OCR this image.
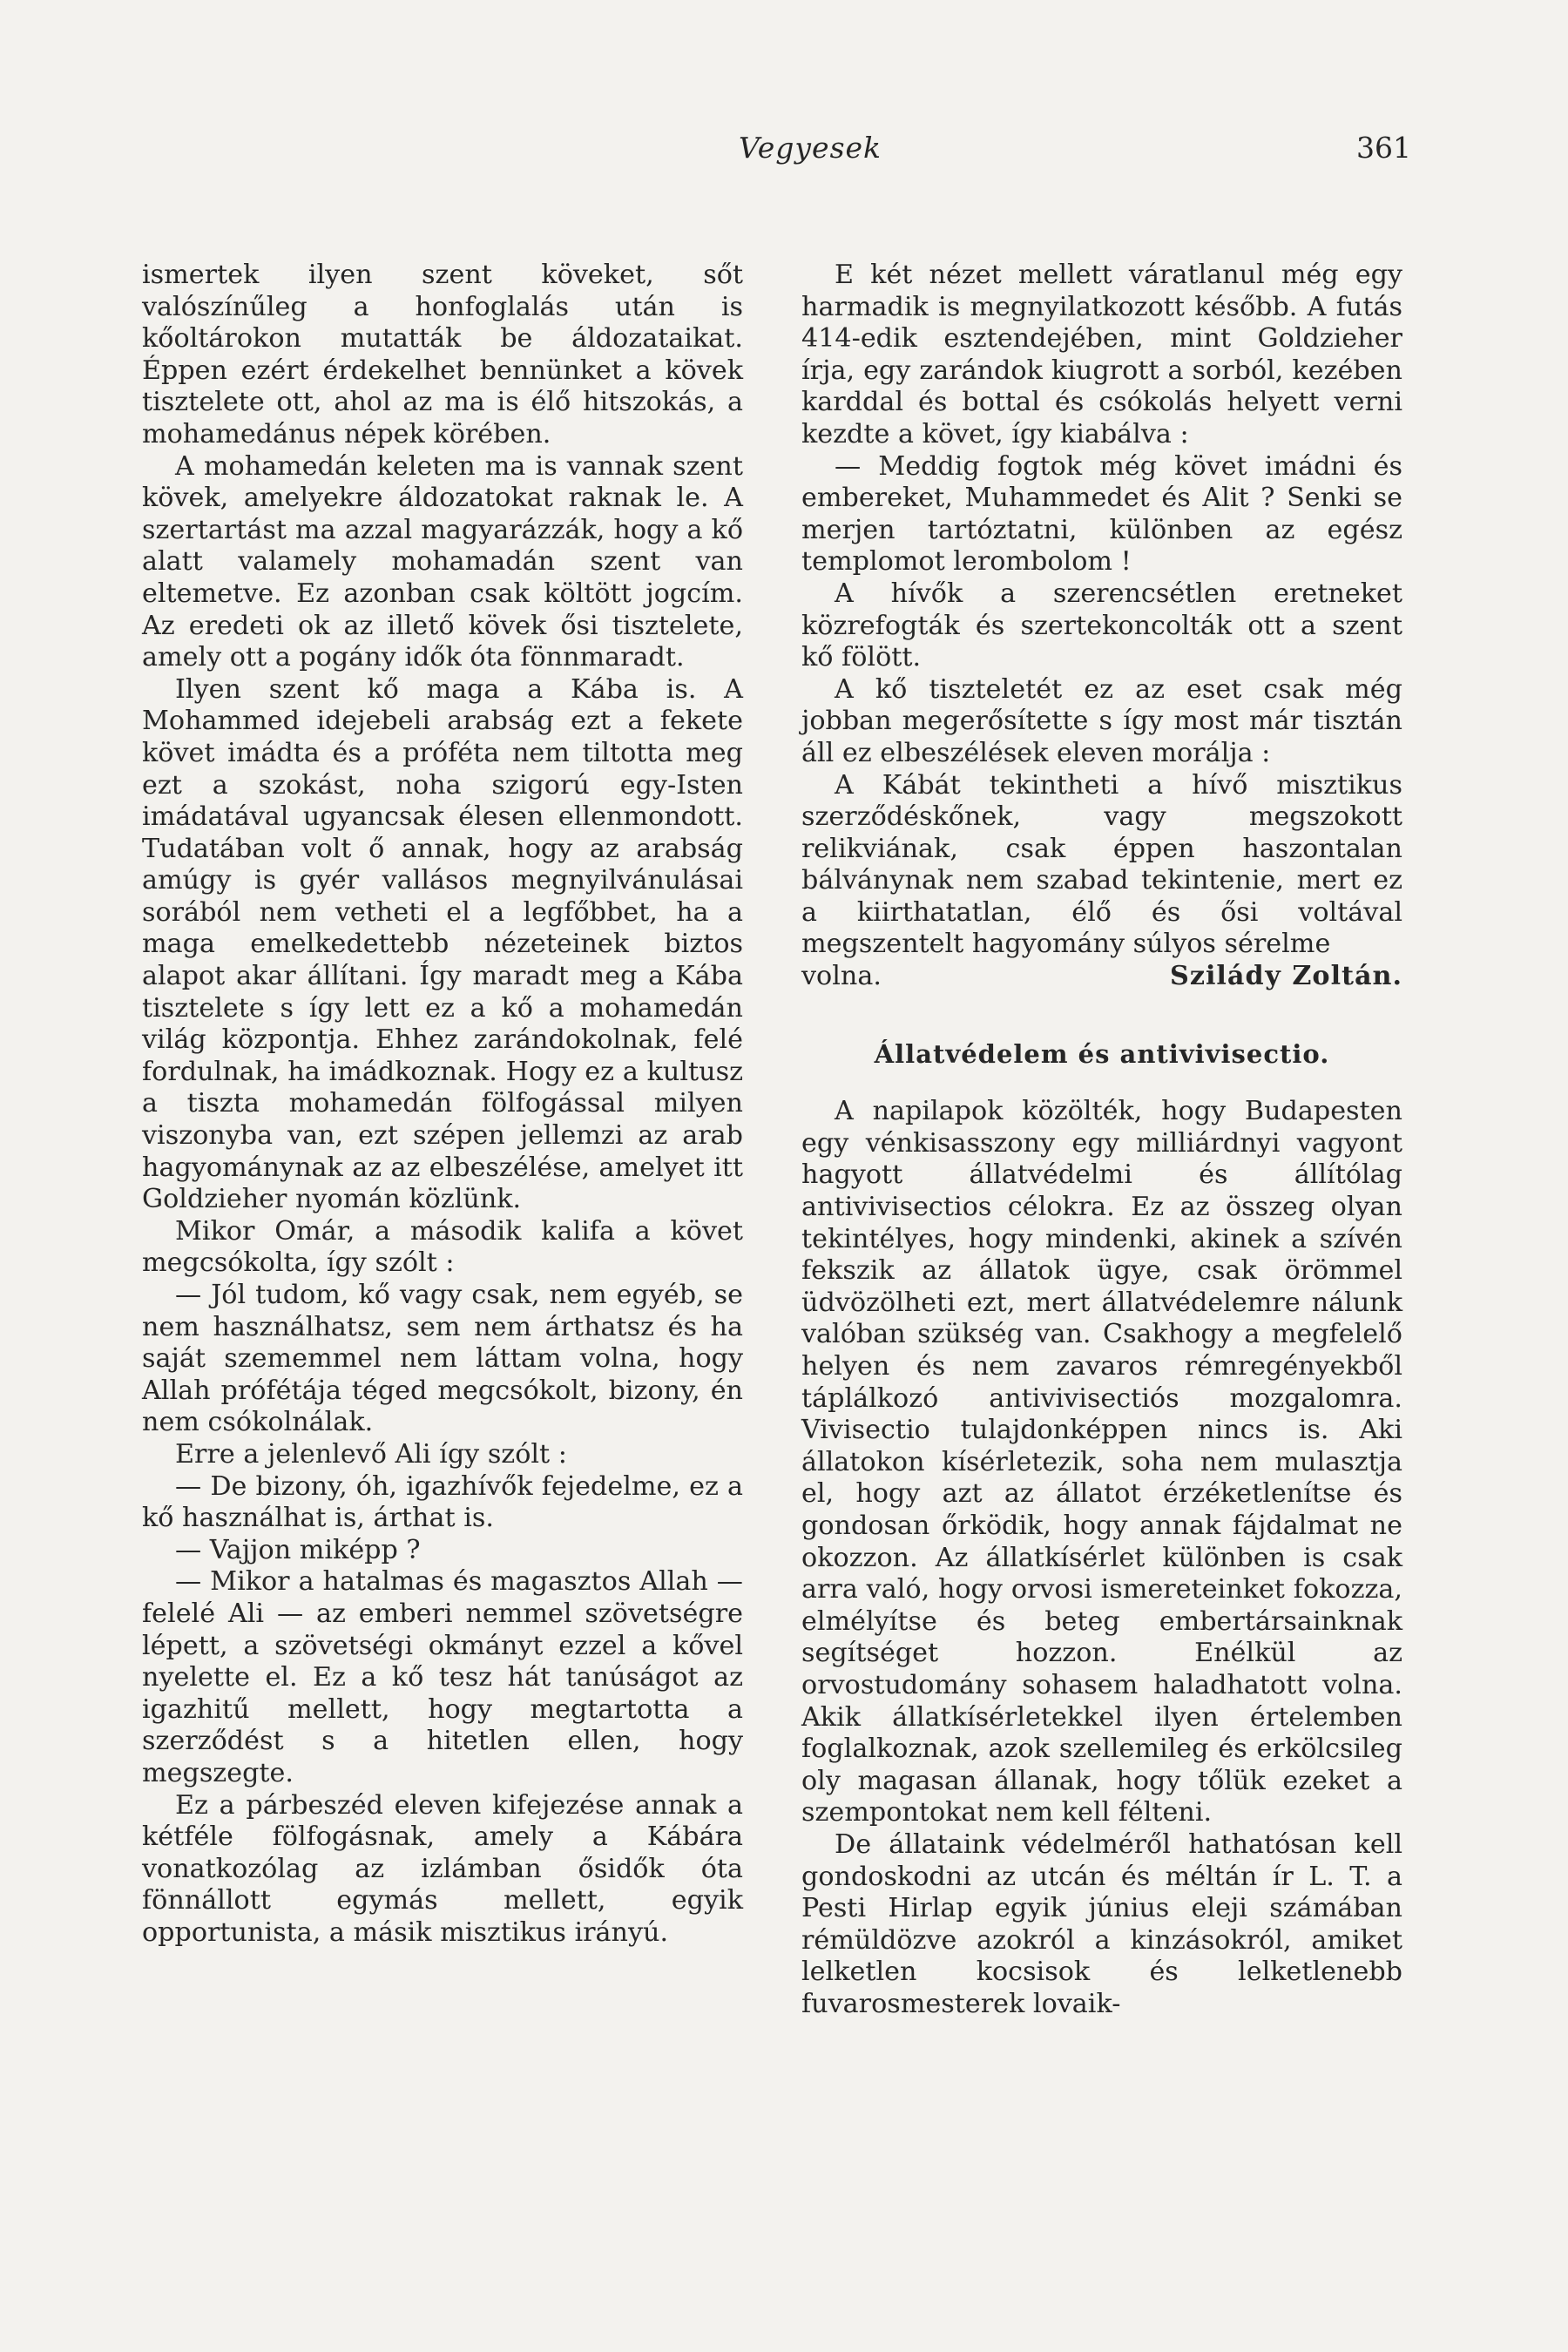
Vegyesek	361

ismertek ilyen szent köveket, sőt valószínűleg a honfoglalás után is kőoltárokon mutatták be áldozataikat. Éppen ezért érdekelhet bennünket a kövek tisztelete ott, ahol az ma is élő hitszokás, a mohamedánus népek körében.

A mohamedán keleten ma is vannak szent kövek, amelyekre áldozatokat raknak le. A szertartást ma azzal magyarázzák, hogy a kő alatt valamely mohamadán szent van eltemetve. Ez azonban csak költött jogcím. Az eredeti ok az illető kövek ősi tisztelete, amely ott a pogány idők óta fönnmaradt.

Ilyen szent kő maga a Kába is. A Mohammed idejebeli arabság ezt a fekete követ imádta és a próféta nem tiltotta meg ezt a szokást, noha szigorú egy-Isten imádatával ugyancsak élesen ellenmondott. Tudatában volt ő annak, hogy az arabság amúgy is gyér vallásos megnyilvánulásai sorából nem vetheti el a legfőbbet, ha a maga emelkedettebb nézeteinek biztos alapot akar állítani. Így maradt meg a Kába tisztelete s így lett ez a kő a mohamedán világ központja. Ehhez zarándokolnak, felé fordulnak, ha imádkoznak. Hogy ez a kultusz a tiszta mohamedán fölfogással milyen viszonyba van, ezt szépen jellemzi az arab hagyománynak az az elbeszélése, amelyet itt Goldzieher nyomán közlünk.

Mikor Omár, a második kalifa a követ megcsókolta, így szólt :

— Jól tudom, kő vagy csak, nem egyéb, se nem használhatsz, sem nem árthatsz és ha saját szememmel nem láttam volna, hogy Allah prófétája téged megcsókolt, bizony, én nem csókolnálak.

Erre a jelenlevő Ali így szólt :

— De bizony, óh, igazhívők fejedelme, ez a kő használhat is, árthat is.

— Vajjon miképp ?

— Mikor a hatalmas és magasztos Allah — felelé Ali — az emberi nemmel szövetségre lépett, a szövetségi okmányt ezzel a kővel nyelette el. Ez a kő tesz hát tanúságot az igazhitű mellett, hogy megtartotta a szerződést s a hitetlen ellen, hogy megszegte.

Ez a párbeszéd eleven kifejezése annak a kétféle fölfogásnak, amely a Kábára vonatkozólag az izlámban ősidők óta fönnállott egymás mellett, egyik opportunista, a másik misztikus irányú.

E két nézet mellett váratlanul még egy harmadik is megnyilatkozott később. A futás 414-edik esztendejében, mint Goldzieher írja, egy zarándok kiugrott a sorból, kezében karddal és bottal és csókolás helyett verni kezdte a követ, így kiabálva :

— Meddig fogtok még követ imádni és embereket, Muhammedet és Alit ? Senki se merjen tartóztatni, különben az egész templomot lerombolom !

A hívők a szerencsétlen eretneket közrefogták és szertekoncolták ott a szent kő fölött.

A kő tiszteletét ez az eset csak még jobban megerősítette s így most már tisztán áll ez elbeszélések eleven morálja :

A Kábát tekintheti a hívő misztikus szerződéskőnek, vagy megszokott relikviának, csak éppen haszontalan bálványnak nem szabad tekintenie, mert ez a kiirthatatlan, élő és ősi voltával megszentelt hagyomány súlyos sérelme

volna.	Sziládу Zoltán.
Állatvédelem és antivivisectio.

A napilapok közölték, hogy Budapesten egy vénkisasszony egy milliárdnyi vagyont hagyott állatvédelmi és állítólag antivivisectios célokra. Ez az összeg olyan tekintélyes, hogy mindenki, akinek a szívén fekszik az állatok ügye, csak örömmel üdvözölheti ezt, mert állatvédelemre nálunk valóban szükség van. Csakhogy a megfelelő helyen és nem zavaros rémregényekből táplálkozó antivivisectiós mozgalomra. Vivisectio tulajdonképpen nincs is. Aki állatokon kísérletezik, soha nem mulasztja el, hogy azt az állatot érzéketlenítse és gondosan őrködik, hogy annak fájdalmat ne okozzon. Az állatkísérlet különben is csak arra való, hogy orvosi ismereteinket fokozza, elmélyítse és beteg embertársainknak segítséget hozzon. Enélkül az orvostudomány sohasem haladhatott volna. Akik állatkísérletekkel ilyen értelemben foglalkoznak, azok szellemileg és erkölcsileg oly magasan állanak, hogy tőlük ezeket a szempontokat nem kell félteni.

De állataink védelméről hathatósan kell gondoskodni az utcán és méltán ír L. T. a Pesti Hirlap egyik június eleji számában rémüldözve azokról a kinzásokról, amiket lelketlen kocsisok és lelketlenebb fuvarosmesterek lovaik-
